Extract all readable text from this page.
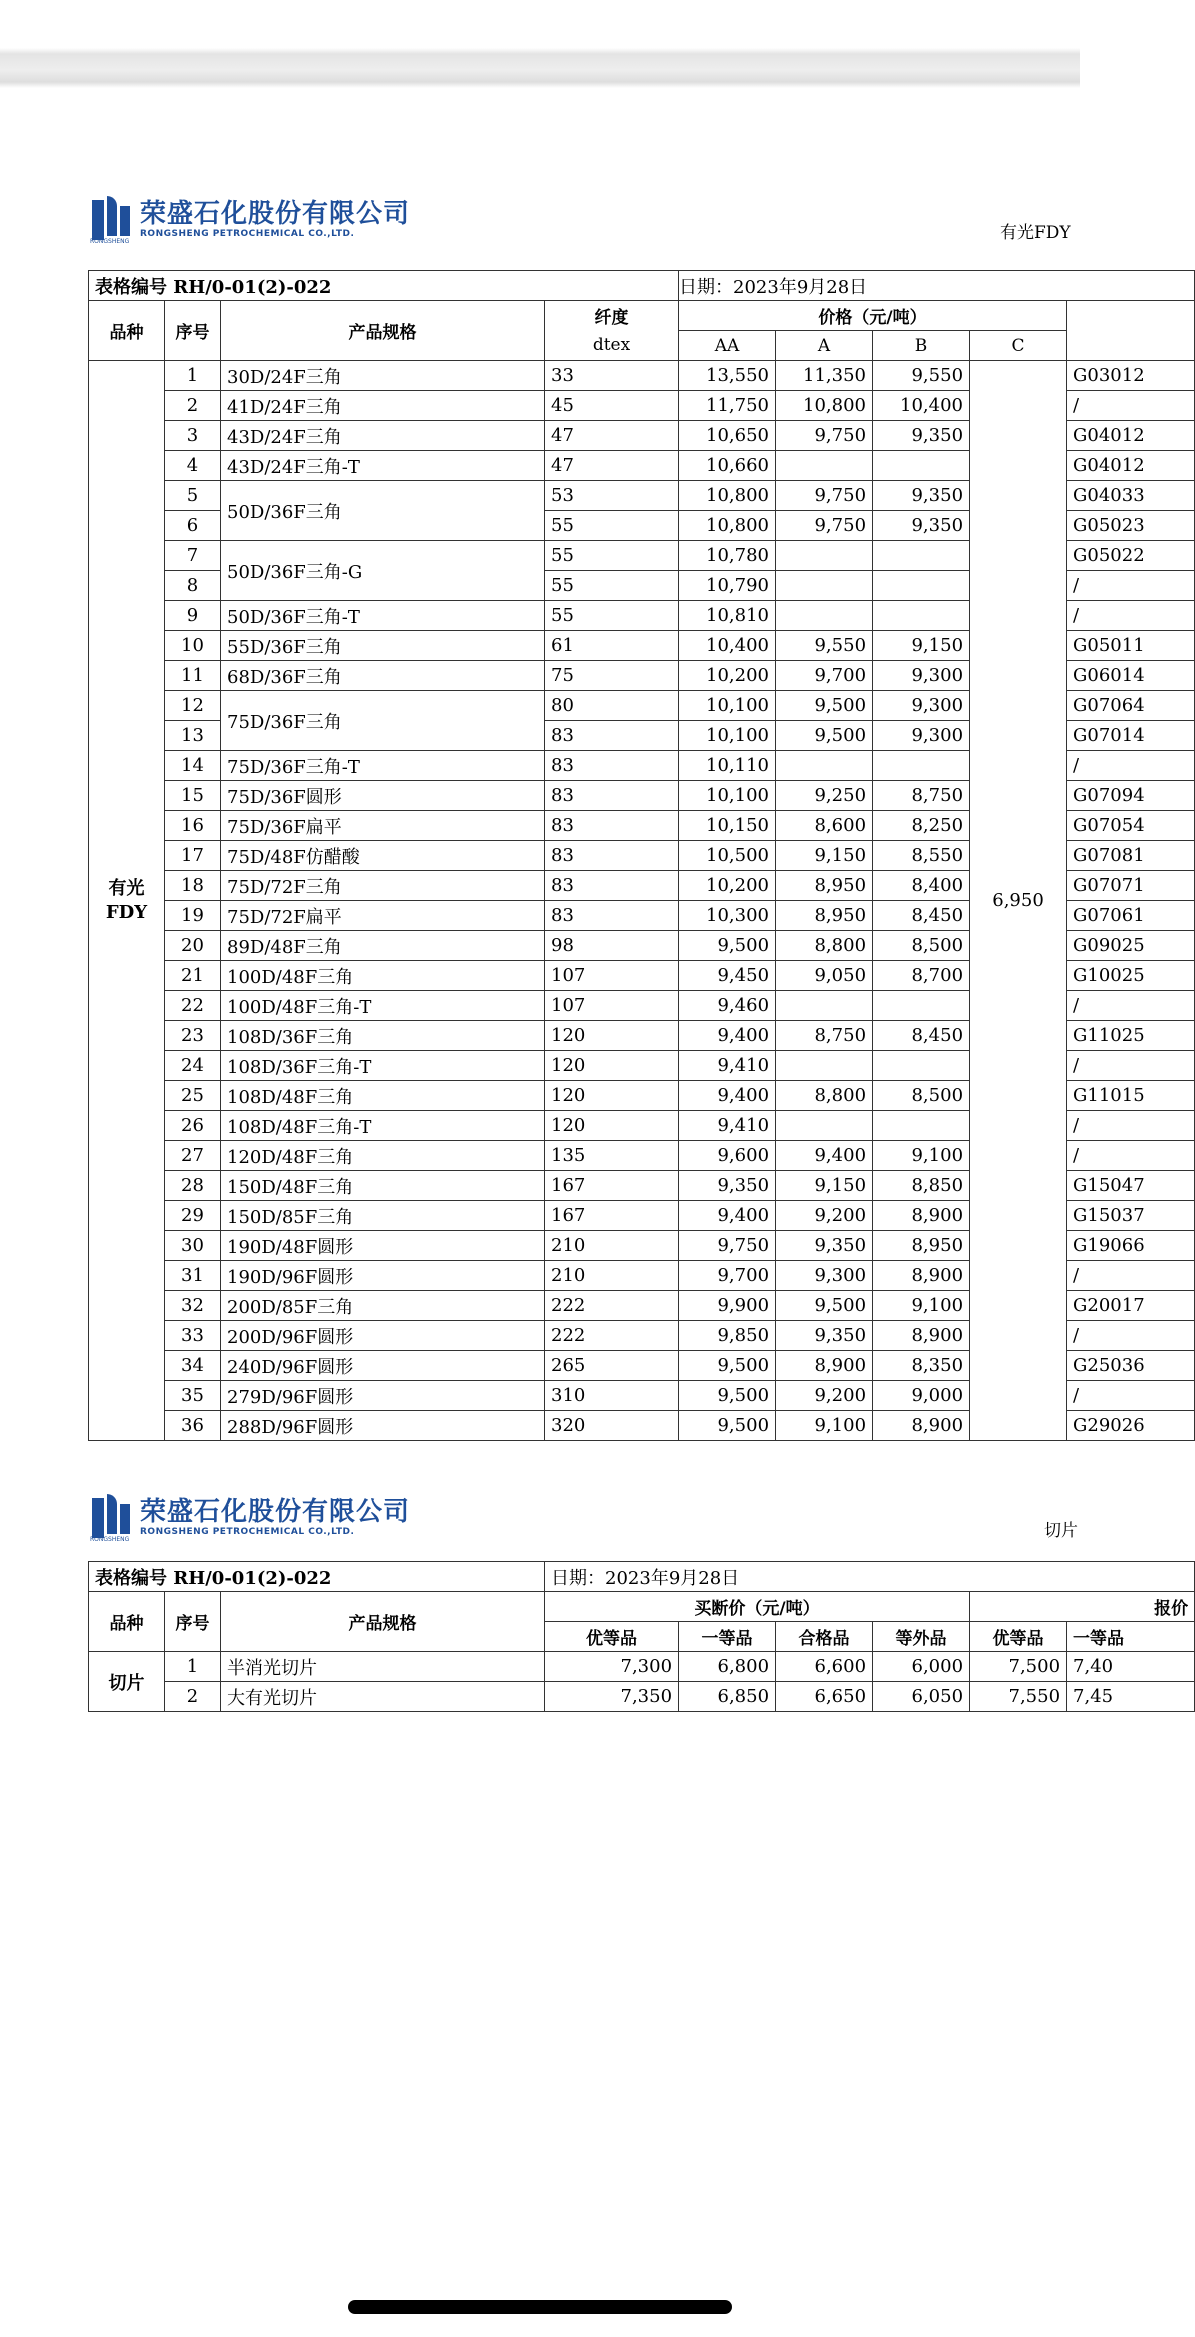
RONGSHENG
荣盛石化股份有限公司
RONGSHENG PETROCHEMICAL CO.,LTD.	有光FDY
表格编号 RH/0-01(2)-022				日期：2023年9月28日				
品种	序号	产品规格	纤度	价格（元/吨）				
			dtex	AA	A	B	C	
有光
FDY	1	30D/24F三角	33	13,550	11,350	9,550	6,950	G03012
	2	41D/24F三角	45	11,750	10,800	10,400		/
	3	43D/24F三角	47	10,650	9,750	9,350		G04012
	4	43D/24F三角-T	47	10,660				G04012
	5	50D/36F三角	53	10,800	9,750	9,350		G04033
	6		55	10,800	9,750	9,350		G05023
	7	50D/36F三角-G	55	10,780				G05022
	8		55	10,790				/
	9	50D/36F三角-T	55	10,810				/
	10	55D/36F三角	61	10,400	9,550	9,150		G05011
	11	68D/36F三角	75	10,200	9,700	9,300		G06014
	12	75D/36F三角	80	10,100	9,500	9,300		G07064
	13		83	10,100	9,500	9,300		G07014
	14	75D/36F三角-T	83	10,110				/
	15	75D/36F圆形	83	10,100	9,250	8,750		G07094
	16	75D/36F扁平	83	10,150	8,600	8,250		G07054
	17	75D/48F仿醋酸	83	10,500	9,150	8,550		G07081
	18	75D/72F三角	83	10,200	8,950	8,400		G07071
	19	75D/72F扁平	83	10,300	8,950	8,450		G07061
	20	89D/48F三角	98	9,500	8,800	8,500		G09025
	21	100D/48F三角	107	9,450	9,050	8,700		G10025
	22	100D/48F三角-T	107	9,460				/
	23	108D/36F三角	120	9,400	8,750	8,450		G11025
	24	108D/36F三角-T	120	9,410				/
	25	108D/48F三角	120	9,400	8,800	8,500		G11015
	26	108D/48F三角-T	120	9,410				/
	27	120D/48F三角	135	9,600	9,400	9,100		/
	28	150D/48F三角	167	9,350	9,150	8,850		G15047
	29	150D/85F三角	167	9,400	9,200	8,900		G15037
	30	190D/48F圆形	210	9,750	9,350	8,950		G19066
	31	190D/96F圆形	210	9,700	9,300	8,900		/
	32	200D/85F三角	222	9,900	9,500	9,100		G20017
	33	200D/96F圆形	222	9,850	9,350	8,900		/
	34	240D/96F圆形	265	9,500	8,900	8,350		G25036
	35	279D/96F圆形	310	9,500	9,200	9,000		/
	36	288D/96F圆形	320	9,500	9,100	8,900		G29026
RONGSHENG
荣盛石化股份有限公司
RONGSHENG PETROCHEMICAL CO.,LTD.	切片
表格编号 RH/0-01(2)-022			日期：2023年9月28日					
品种	序号	产品规格	买断价（元/吨）				报价	
			优等品	一等品	合格品	等外品	优等品	一等品
切片	1	半消光切片	7,300	6,800	6,600	6,000	7,500	7,40
	2	大有光切片	7,350	6,850	6,650	6,050	7,550	7,45
